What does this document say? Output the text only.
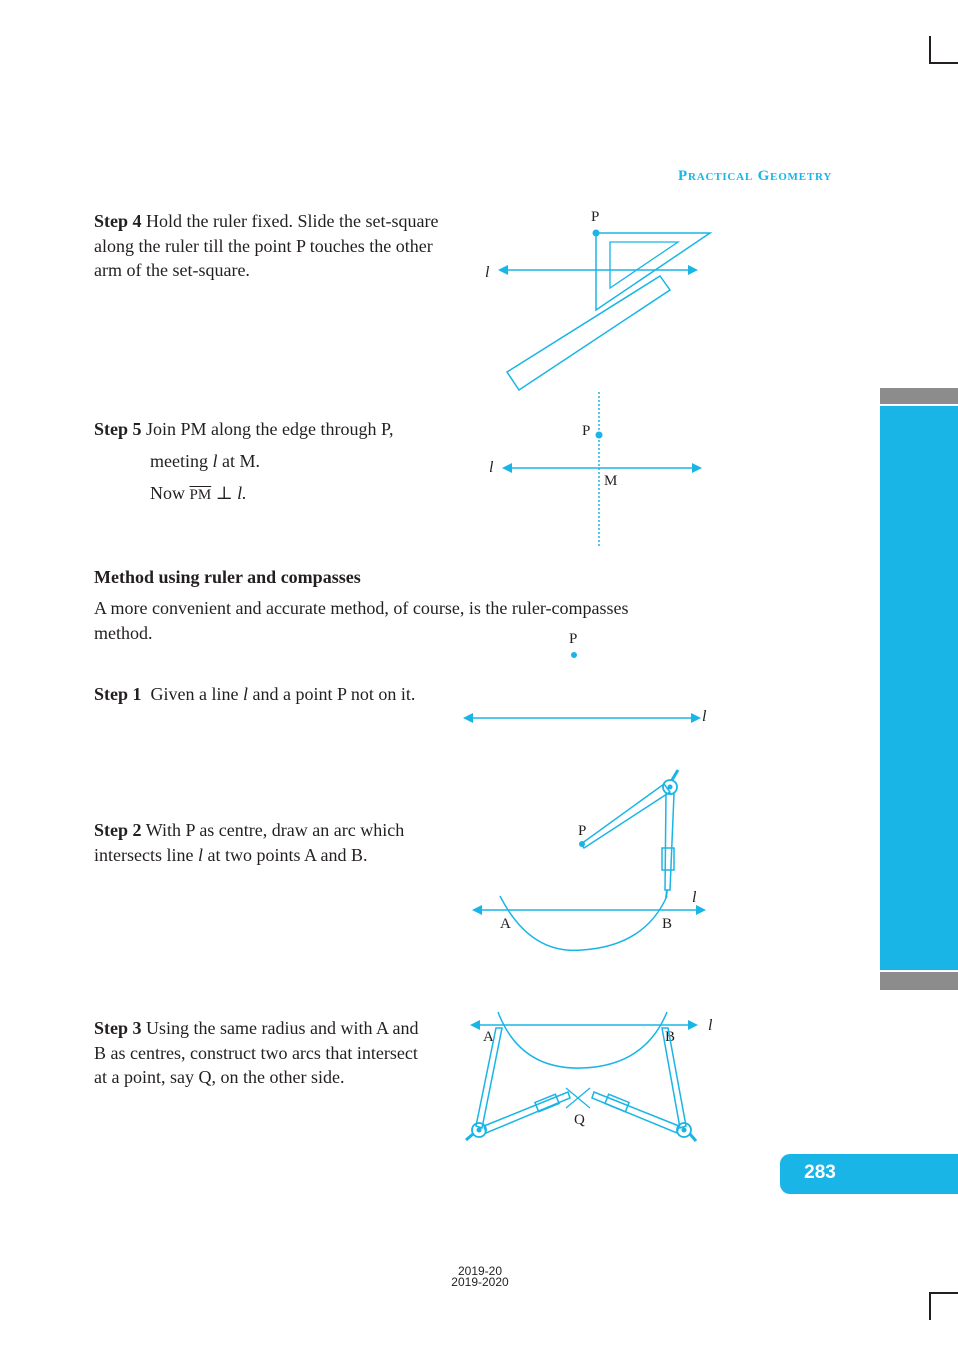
Practical Geometry

Step 4 Hold the ruler fixed. Slide the set-square
along the ruler till the point P touches the other
arm of the set-square.

P
l

Step 5 Join PM along the edge through P,
meeting l at M.
Now $\overline{PM}$ ⊥ l.

P
l
M
Method using ruler and compasses

A more convenient and accurate method, of course, is the ruler-compasses
method.

Step 1 Given a line l and a point P not on it.

P
l

Step 2 With P as centre, draw an arc which
intersects line l at two points A and B.

P
l
A	B

Step 3 Using the same radius and with A and
B as centres, construct two arcs that intersect
at a point, say Q, on the other side.

l
A	B
Q
283
2019-20
2019-2020
